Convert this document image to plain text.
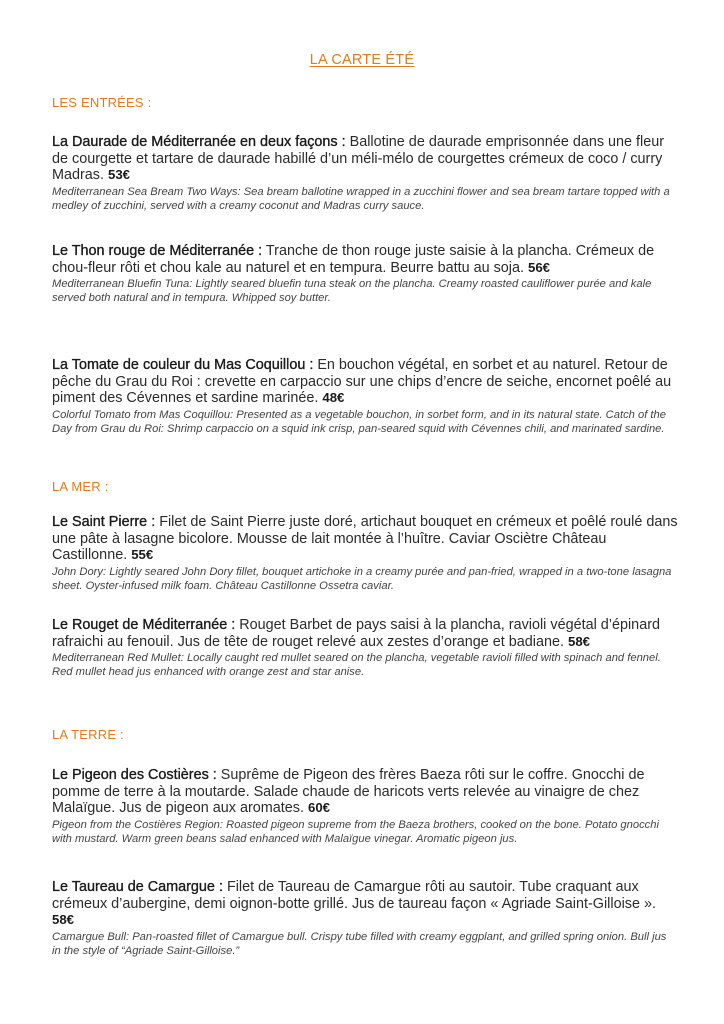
LA CARTE ÉTÉ
LES ENTRÉES :
La Daurade de Méditerranée en deux façons : Ballotine de daurade emprisonnée dans une fleur de courgette et tartare de daurade habillé d’un méli-mélo de courgettes crémeux de coco / curry Madras. 53€
Mediterranean Sea Bream Two Ways: Sea bream ballotine wrapped in a zucchini flower and sea bream tartare topped with a medley of zucchini, served with a creamy coconut and Madras curry sauce.
Le Thon rouge de Méditerranée : Tranche de thon rouge juste saisie à la plancha. Crémeux de chou-fleur rôti et chou kale au naturel et en tempura. Beurre battu au soja. 56€
Mediterranean Bluefin Tuna: Lightly seared bluefin tuna steak on the plancha. Creamy roasted cauliflower purée and kale served both natural and in tempura. Whipped soy butter.
La Tomate de couleur du Mas Coquillou : En bouchon végétal, en sorbet et au naturel. Retour de pêche du Grau du Roi : crevette en carpaccio sur une chips d’encre de seiche, encornet poêlé au piment des Cévennes et sardine marinée. 48€
Colorful Tomato from Mas Coquillou: Presented as a vegetable bouchon, in sorbet form, and in its natural state. Catch of the Day from Grau du Roi: Shrimp carpaccio on a squid ink crisp, pan-seared squid with Cévennes chili, and marinated sardine.
LA MER :
Le Saint Pierre : Filet de Saint Pierre juste doré, artichaut bouquet en crémeux et poêlé roulé dans une pâte à lasagne bicolore. Mousse de lait montée à l’huître. Caviar Osciètre Château Castillonne. 55€
John Dory: Lightly seared John Dory fillet, bouquet artichoke in a creamy purée and pan-fried, wrapped in a two-tone lasagna sheet. Oyster-infused milk foam. Château Castillonne Ossetra caviar.
Le Rouget de Méditerranée : Rouget Barbet de pays saisi à la plancha, ravioli végétal d’épinard rafraichi au fenouil. Jus de tête de rouget relevé aux zestes d’orange et badiane. 58€
Mediterranean Red Mullet: Locally caught red mullet seared on the plancha, vegetable ravioli filled with spinach and fennel. Red mullet head jus enhanced with orange zest and star anise.
LA TERRE :
Le Pigeon des Costières : Suprême de Pigeon des frères Baeza rôti sur le coffre. Gnocchi de pomme de terre à la moutarde. Salade chaude de haricots verts relevée au vinaigre de chez Malaïgue. Jus de pigeon aux aromates. 60€
Pigeon from the Costières Region: Roasted pigeon supreme from the Baeza brothers, cooked on the bone. Potato gnocchi with mustard. Warm green beans salad enhanced with Malaïgue vinegar. Aromatic pigeon jus.
Le Taureau de Camargue : Filet de Taureau de Camargue rôti au sautoir. Tube craquant aux crémeux d’aubergine, demi oignon-botte grillé. Jus de taureau façon « Agriade Saint-Gilloise ». 58€
Camargue Bull: Pan-roasted fillet of Camargue bull. Crispy tube filled with creamy eggplant, and grilled spring onion. Bull jus in the style of “Agriade Saint-Gilloise.”
